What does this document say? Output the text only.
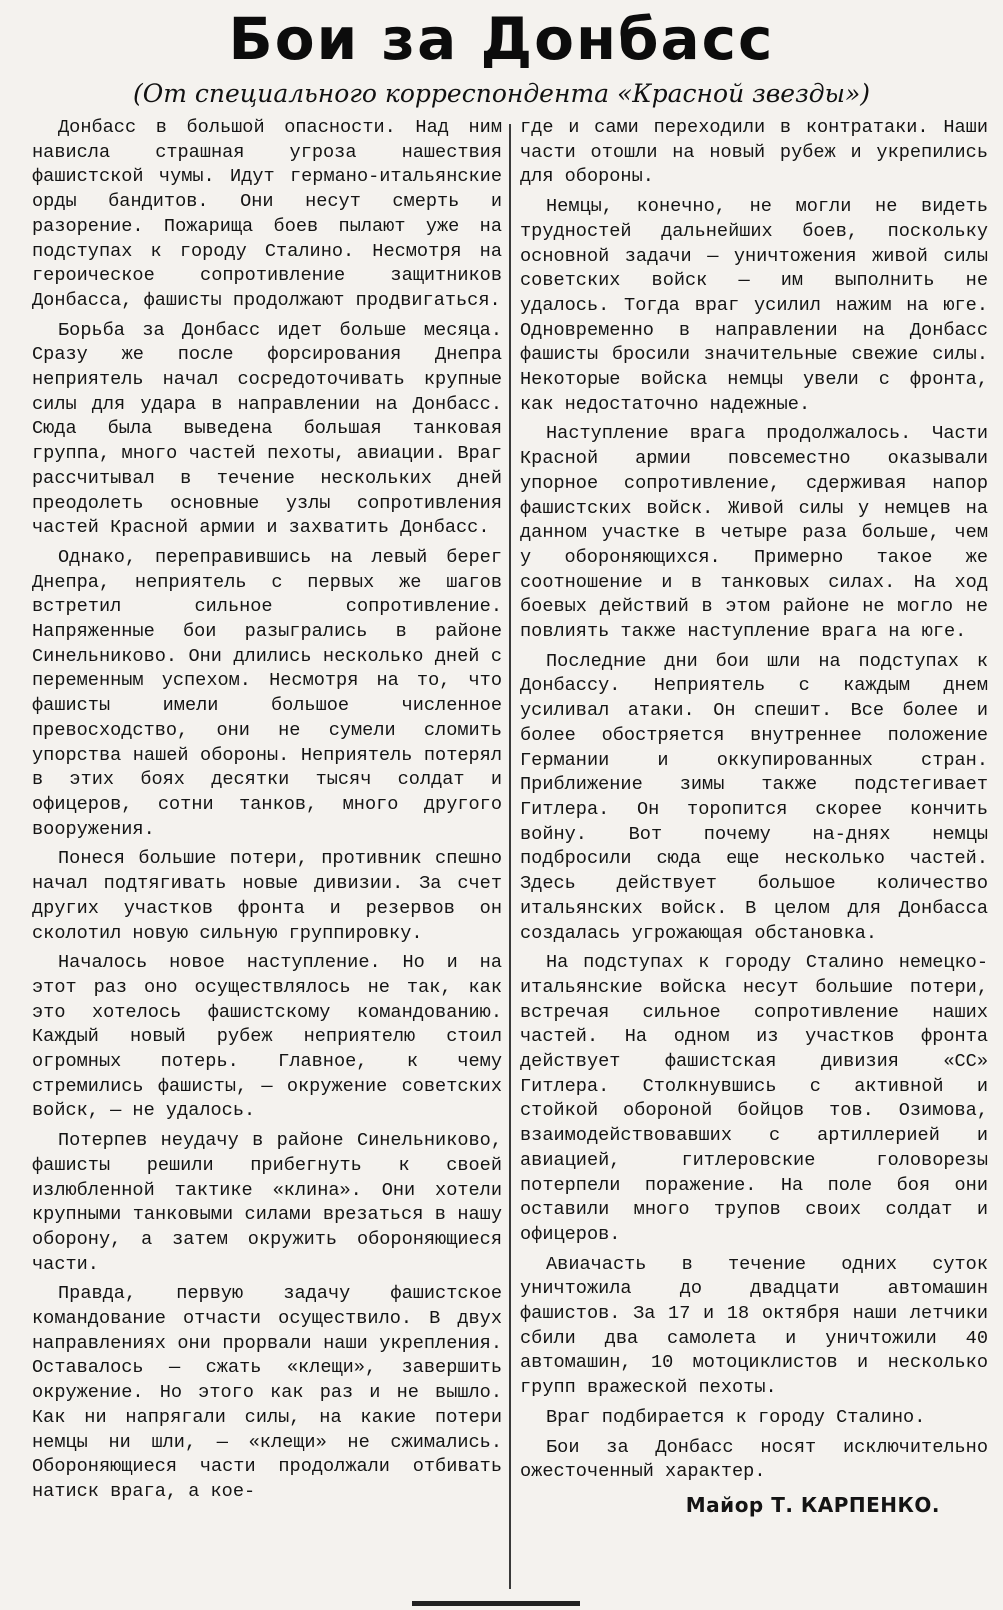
Бои за Донбасс
(От специального корреспондента «Красной звезды»)

Донбасс в большой опасности. Над ним нависла страшная угроза нашествия фашистской чумы. Идут германо-итальянские орды бандитов. Они несут смерть и разорение. Пожарища боев пылают уже на подступах к городу Сталино. Несмотря на героическое сопротивление защитников Донбасса, фашисты продолжают продвигаться.

Борьба за Донбасс идет больше месяца. Сразу же после форсирования Днепра неприятель начал сосредоточивать крупные силы для удара в направлении на Донбасс. Сюда была выведена большая танковая группа, много частей пехоты, авиации. Враг рассчитывал в течение нескольких дней преодолеть основные узлы сопротивления частей Красной армии и захватить Донбасс.

Однако, переправившись на левый берег Днепра, неприятель с первых же шагов встретил сильное сопротивление. Напряженные бои разыгрались в районе Синельниково. Они длились несколько дней с переменным успехом. Несмотря на то, что фашисты имели большое численное превосходство, они не сумели сломить упорства нашей обороны. Неприятель потерял в этих боях десятки тысяч солдат и офицеров, сотни танков, много другого вооружения.

Понеся большие потери, противник спешно начал подтягивать новые дивизии. За счет других участков фронта и резервов он сколотил новую сильную группировку.

Началось новое наступление. Но и на этот раз оно осуществлялось не так, как это хотелось фашистскому командованию. Каждый новый рубеж неприятелю стоил огромных потерь. Главное, к чему стремились фашисты, — окружение советских войск, — не удалось.

Потерпев неудачу в районе Синельниково, фашисты решили прибегнуть к своей излюбленной тактике «клина». Они хотели крупными танковыми силами врезаться в нашу оборону, а затем окружить обороняющиеся части.

Правда, первую задачу фашистское командование отчасти осуществило. В двух направлениях они прорвали наши укрепления. Оставалось — сжать «клещи», завершить окружение. Но этого как раз и не вышло. Как ни напрягали силы, на какие потери немцы ни шли, — «клещи» не сжимались. Обороняющиеся части продолжали отбивать натиск врага, а кое-

где и сами переходили в контратаки. Наши части отошли на новый рубеж и укрепились для обороны.

Немцы, конечно, не могли не видеть трудностей дальнейших боев, поскольку основной задачи — уничтожения живой силы советских войск — им выполнить не удалось. Тогда враг усилил нажим на юге. Одновременно в направлении на Донбасс фашисты бросили значительные свежие силы. Некоторые войска немцы увели с фронта, как недостаточно надежные.

Наступление врага продолжалось. Части Красной армии повсеместно оказывали упорное сопротивление, сдерживая напор фашистских войск. Живой силы у немцев на данном участке в четыре раза больше, чем у обороняющихся. Примерно такое же соотношение и в танковых силах. На ход боевых действий в этом районе не могло не повлиять также наступление врага на юге.

Последние дни бои шли на подступах к Донбассу. Неприятель с каждым днем усиливал атаки. Он спешит. Все более и более обостряется внутреннее положение Германии и оккупированных стран. Приближение зимы также подстегивает Гитлера. Он торопится скорее кончить войну. Вот почему на-днях немцы подбросили сюда еще несколько частей. Здесь действует большое количество итальянских войск. В целом для Донбасса создалась угрожающая обстановка.

На подступах к городу Сталино немецко-итальянские войска несут большие потери, встречая сильное сопротивление наших частей. На одном из участков фронта действует фашистская дивизия «СС» Гитлера. Столкнувшись с активной и стойкой обороной бойцов тов. Озимова, взаимодействовавших с артиллерией и авиацией, гитлеровские головорезы потерпели поражение. На поле боя они оставили много трупов своих солдат и офицеров.

Авиачасть в течение одних суток уничтожила до двадцати автомашин фашистов. За 17 и 18 октября наши летчики сбили два самолета и уничтожили 40 автомашин, 10 мотоциклистов и несколько групп вражеской пехоты.

Враг подбирается к городу Сталино.

Бои за Донбасс носят исключительно ожесточенный характер.

Майор Т. КАРПЕНКО.
